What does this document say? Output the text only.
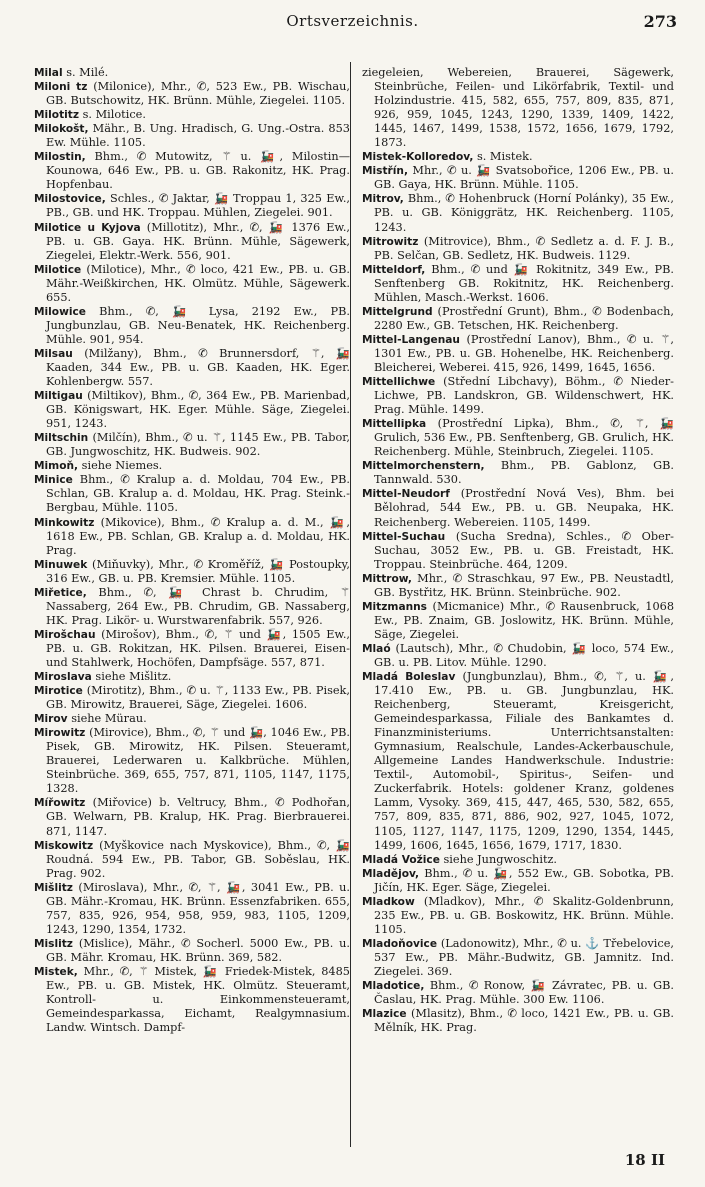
Ortsverzeichnis.	273

Milal s. Milé.

Miloni tz (Milonice), Mhr., ✆, 523 Ew., PB. Wischau, GB. Butschowitz, HK. Brünn. Mühle, Ziegelei. 1105.

Milotitz s. Milotice.

Milokošt, Mähr., B. Ung. Hradisch, G. Ung.-Ostra. 853 Ew. Mühle. 1105.

Milostin, Bhm., ✆ Mutowitz, ⚚ u. 🚂, Milostin—Kounowa, 646 Ew., PB. u. GB. Rakonitz, HK. Prag. Hopfenbau.

Milostovice, Schles., ✆ Jaktar, 🚂 Troppau 1, 325 Ew., PB., GB. und HK. Troppau. Mühlen, Ziegelei. 901.

Milotice u Kyjova (Millotitz), Mhr., ✆, 🚂 1376 Ew., PB. u. GB. Gaya. HK. Brünn. Mühle, Sägewerk, Ziegelei, Elektr.-Werk. 556, 901.

Milotice (Milotice), Mhr., ✆ loco, 421 Ew., PB. u. GB. Mähr.-Weißkirchen, HK. Olmütz. Mühle, Sägewerk. 655.

Milowice Bhm., ✆, 🚂 Lysa, 2192 Ew., PB. Jungbunzlau, GB. Neu-Benatek, HK. Reichenberg. Mühle. 901, 954.

Milsau (Milžany), Bhm., ✆ Brunnersdorf, ⚚, 🚂 Kaaden, 344 Ew., PB. u. GB. Kaaden, HK. Eger. Kohlenbergw. 557.

Miltigau (Miltikov), Bhm., ✆, 364 Ew., PB. Marienbad, GB. Königswart, HK. Eger. Mühle. Säge, Ziegelei. 951, 1243.

Miltschin (Milčín), Bhm., ✆ u. ⚚, 1145 Ew., PB. Tabor, GB. Jungwoschitz, HK. Budweis. 902.

Mimoň, siehe Niemes.

Minice Bhm., ✆ Kralup a. d. Moldau, 704 Ew., PB. Schlan, GB. Kralup a. d. Moldau, HK. Prag. Steink.-Bergbau, Mühle. 1105.

Minkowitz (Mikovice), Bhm., ✆ Kralup a. d. M., 🚂, 1618 Ew., PB. Schlan, GB. Kralup a. d. Moldau, HK. Prag.

Minuwek (Miňuvky), Mhr., ✆ Kroměříž, 🚂 Postoupky, 316 Ew., GB. u. PB. Kremsier. Mühle. 1105.

Miřetice, Bhm., ✆, 🚂 Chrast b. Chrudim, ⚚ Nassaberg, 264 Ew., PB. Chrudim, GB. Nassaberg, HK. Prag. Likör- u. Wurstwarenfabrik. 557, 926.

Mirošchau (Mirošov), Bhm., ✆, ⚚ und 🚂, 1505 Ew., PB. u. GB. Rokitzan, HK. Pilsen. Brauerei, Eisen- und Stahlwerk, Hochöfen, Dampfsäge. 557, 871.

Miroslava siehe Mišlitz.

Mirotice (Mirotitz), Bhm., ✆ u. ⚚, 1133 Ew., PB. Pisek, GB. Mirowitz, Brauerei, Säge, Ziegelei. 1606.

Mirov siehe Mürau.

Mirowitz (Mirovice), Bhm., ✆, ⚚ und 🚂, 1046 Ew., PB. Pisek, GB. Mirowitz, HK. Pilsen. Steueramt, Brauerei, Lederwaren u. Kalkbrüche. Mühlen, Steinbrüche. 369, 655, 757, 871, 1105, 1147, 1175, 1328.

Mířowitz (Miřovice) b. Veltrucy, Bhm., ✆ Podhořan, GB. Welwarn, PB. Kralup, HK. Prag. Bierbrauerei. 871, 1147.

Miskowitz (Myškovice nach Myskovice), Bhm., ✆, 🚂 Roudná. 594 Ew., PB. Tabor, GB. Soběslau, HK. Prag. 902.

Mišlitz (Miroslava), Mhr., ✆, ⚚, 🚂, 3041 Ew., PB. u. GB. Mähr.-Kromau, HK. Brünn. Essenzfabriken. 655, 757, 835, 926, 954, 958, 959, 983, 1105, 1209, 1243, 1290, 1354, 1732.

Mislitz (Mislice), Mähr., ✆ Socherl. 5000 Ew., PB. u. GB. Mähr. Kromau, HK. Brünn. 369, 582.

Mistek, Mhr., ✆, ⚚ Mistek, 🚂 Friedek-Mistek, 8485 Ew., PB. u. GB. Mistek, HK. Olmütz. Steueramt, Kontroll- u. Einkommensteueramt, Gemeindesparkassa, Eichamt, Realgymnasium. Landw. Wintsch. Dampf-

ziegeleien, Webereien, Brauerei, Sägewerk, Steinbrüche, Feilen- und Likörfabrik, Textil- und Holzindustrie. 415, 582, 655, 757, 809, 835, 871, 926, 959, 1045, 1243, 1290, 1339, 1409, 1422, 1445, 1467, 1499, 1538, 1572, 1656, 1679, 1792, 1873.

Mistek-Kolloredov, s. Mistek.

Mistřín, Mhr., ✆ u. 🚂 Svatsobořice, 1206 Ew., PB. u. GB. Gaya, HK. Brünn. Mühle. 1105.

Mitrov, Bhm., ✆ Hohenbruck (Horní Polánky), 35 Ew., PB. u. GB. Königgrätz, HK. Reichenberg. 1105, 1243.

Mitrowitz (Mitrovice), Bhm., ✆ Sedletz a. d. F. J. B., PB. Selčan, GB. Sedletz, HK. Budweis. 1129.

Mitteldorf, Bhm., ✆ und 🚂 Rokitnitz, 349 Ew., PB. Senftenberg GB. Rokitnitz, HK. Reichenberg. Mühlen, Masch.-Werkst. 1606.

Mittelgrund (Prostřední Grunt), Bhm., ✆ Bodenbach, 2280 Ew., GB. Tetschen, HK. Reichenberg.

Mittel-Langenau (Prostřední Lanov), Bhm., ✆ u. ⚚, 1301 Ew., PB. u. GB. Hohenelbe, HK. Reichenberg. Bleicherei, Weberei. 415, 926, 1499, 1645, 1656.

Mittellichwe (Střední Libchavy), Böhm., ✆ Nieder-Lichwe, PB. Landskron, GB. Wildenschwert, HK. Prag. Mühle. 1499.

Mittellipka (Prostřední Lipka), Bhm., ✆, ⚚, 🚂 Grulich, 536 Ew., PB. Senftenberg, GB. Grulich, HK. Reichenberg. Mühle, Steinbruch, Ziegelei. 1105.

Mittelmorchenstern, Bhm., PB. Gablonz, GB. Tannwald. 530.

Mittel-Neudorf (Prostřední Nová Ves), Bhm. bei Bělohrad, 544 Ew., PB. u. GB. Neupaka, HK. Reichenberg. Webereien. 1105, 1499.

Mittel-Suchau (Sucha Sredna), Schles., ✆ Ober-Suchau, 3052 Ew., PB. u. GB. Freistadt, HK. Troppau. Steinbrüche. 464, 1209.

Mittrow, Mhr., ✆ Straschkau, 97 Ew., PB. Neustadtl, GB. Bystřitz, HK. Brünn. Steinbrüche. 902.

Mitzmanns (Micmanice) Mhr., ✆ Rausenbruck, 1068 Ew., PB. Znaim, GB. Joslowitz, HK. Brünn. Mühle, Säge, Ziegelei.

Mlaó (Lautsch), Mhr., ✆ Chudobin, 🚂 loco, 574 Ew., GB. u. PB. Litov. Mühle. 1290.

Mladá Boleslav (Jungbunzlau), Bhm., ✆, ⚚, u. 🚂, 17.410 Ew., PB. u. GB. Jungbunzlau, HK. Reichenberg, Steueramt, Kreisgericht, Gemeindesparkassa, Filiale des Bankamtes d. Finanzministeriums. Unterrichtsanstalten: Gymnasium, Realschule, Landes-Ackerbauschule, Allgemeine Landes Handwerkschule. Industrie: Textil-, Automobil-, Spiritus-, Seifen- und Zuckerfabrik. Hotels: goldener Kranz, goldenes Lamm, Vysoky. 369, 415, 447, 465, 530, 582, 655, 757, 809, 835, 871, 886, 902, 927, 1045, 1072, 1105, 1127, 1147, 1175, 1209, 1290, 1354, 1445, 1499, 1606, 1645, 1656, 1679, 1717, 1830.

Mladá Vožice siehe Jungwoschitz.

Mladějov, Bhm., ✆ u. 🚂, 552 Ew., GB. Sobotka, PB. Jičín, HK. Eger. Säge, Ziegelei.

Mladkow (Mladkov), Mhr., ✆ Skalitz-Goldenbrunn, 235 Ew., PB. u. GB. Boskowitz, HK. Brünn. Mühle. 1105.

Mladoňovice (Ladonowitz), Mhr., ✆ u. ⚓ Třebelovice, 537 Ew., PB. Mähr.-Budwitz, GB. Jamnitz. Ind. Ziegelei. 369.

Mladotice, Bhm., ✆ Ronow, 🚂 Závratec, PB. u. GB. Časlau, HK. Prag. Mühle. 300 Ew. 1106.

Mlazice (Mlasitz), Bhm., ✆ loco, 1421 Ew., PB. u. GB. Mělník, HK. Prag.

18 II
